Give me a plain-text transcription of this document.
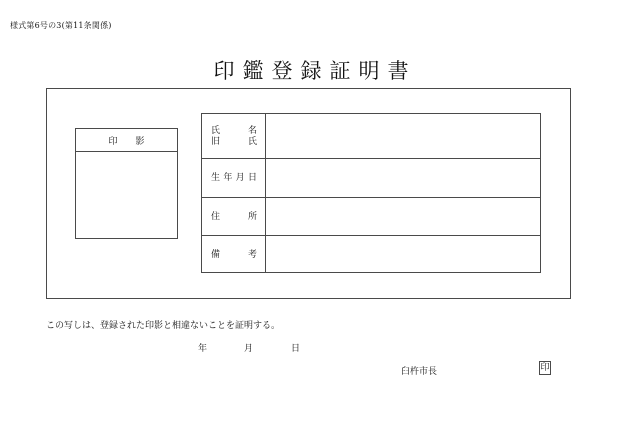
様式第6号の3(第11条関係)
印鑑登録証明書
印 影
氏	名
旧	氏
生 年 月 日
住	所
備	考
この写しは、登録された印影と相違ないことを証明する。
年	月	日
臼杵市長	印
